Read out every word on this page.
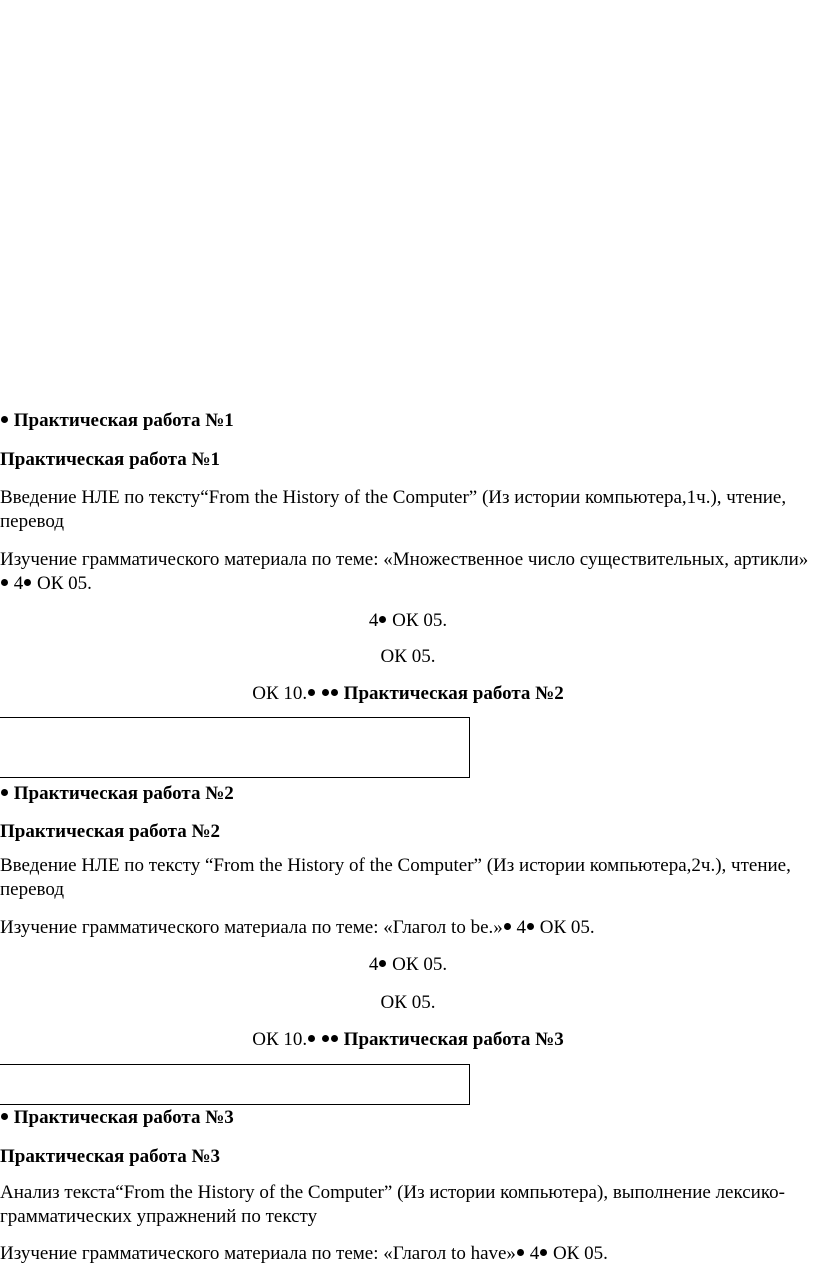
Практическая работа №1
Практическая работа №1
Введение НЛЕ по тексту“From the History of the Computer” (Из истории компьютера,1ч.), чтение, перевод
Изучение грамматического материала по теме: «Множественное число существительных, артикли» 4 ОК 05.
4 ОК 05.
ОК 05.
ОК 10. Практическая работа №2
Практическая работа №2
Практическая работа №2
Введение НЛЕ по тексту “From the History of the Computer” (Из истории компьютера,2ч.), чтение, перевод
Изучение грамматического материала по теме: «Глагол to be.» 4 ОК 05.
4 ОК 05.
ОК 05.
ОК 10. Практическая работа №3
Практическая работа №3
Практическая работа №3
Анализ текста“From the History of the Computer” (Из истории компьютера), выполнение лексико-грамматических упражнений по тексту
Изучение грамматического материала по теме: «Глагол to have» 4 ОК 05.
